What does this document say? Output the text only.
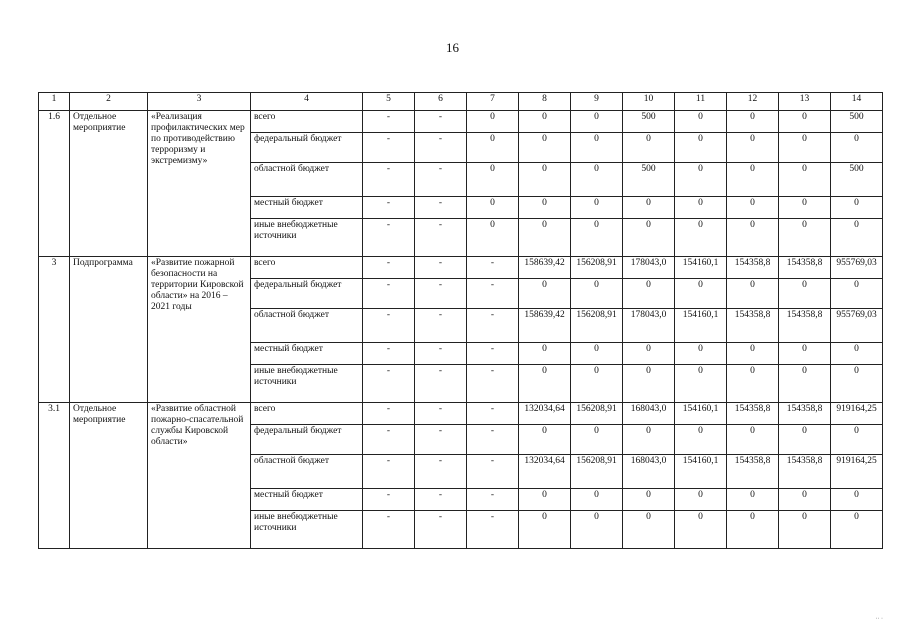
16
1	2	3	4	5	6	7	8	9	10	11	12	13	14
1.6	Отдельное мероприятие	«Реализация профилактических мер по противодействию терроризму и экстремизму»	всего	-	-	0	0	0	500	0	0	0	500
			федеральный бюджет	-	-	0	0	0	0	0	0	0	0
			областной бюджет	-	-	0	0	0	500	0	0	0	500
			местный бюджет	-	-	0	0	0	0	0	0	0	0
			иные внебюджетные источники	-	-	0	0	0	0	0	0	0	0
3	Подпрограмма	«Развитие пожарной безопасности на территории Кировской области» на 2016 – 2021 годы	всего	-	-	-	158639,42	156208,91	178043,0	154160,1	154358,8	154358,8	955769,03
			федеральный бюджет	-	-	-	0	0	0	0	0	0	0
			областной бюджет	-	-	-	158639,42	156208,91	178043,0	154160,1	154358,8	154358,8	955769,03
			местный бюджет	-	-	-	0	0	0	0	0	0	0
			иные внебюджетные источники	-	-	-	0	0	0	0	0	0	0
3.1	Отдельное мероприятие	«Развитие областной пожарно-спасательной службы Кировской области»	всего	-	-	-	132034,64	156208,91	168043,0	154160,1	154358,8	154358,8	919164,25
			федеральный бюджет	-	-	-	0	0	0	0	0	0	0
			областной бюджет	-	-	-	132034,64	156208,91	168043,0	154160,1	154358,8	154358,8	919164,25
			местный бюджет	-	-	-	0	0	0	0	0	0	0
			иные внебюджетные источники	-	-	-	0	0	0	0	0	0	0
·· ·
